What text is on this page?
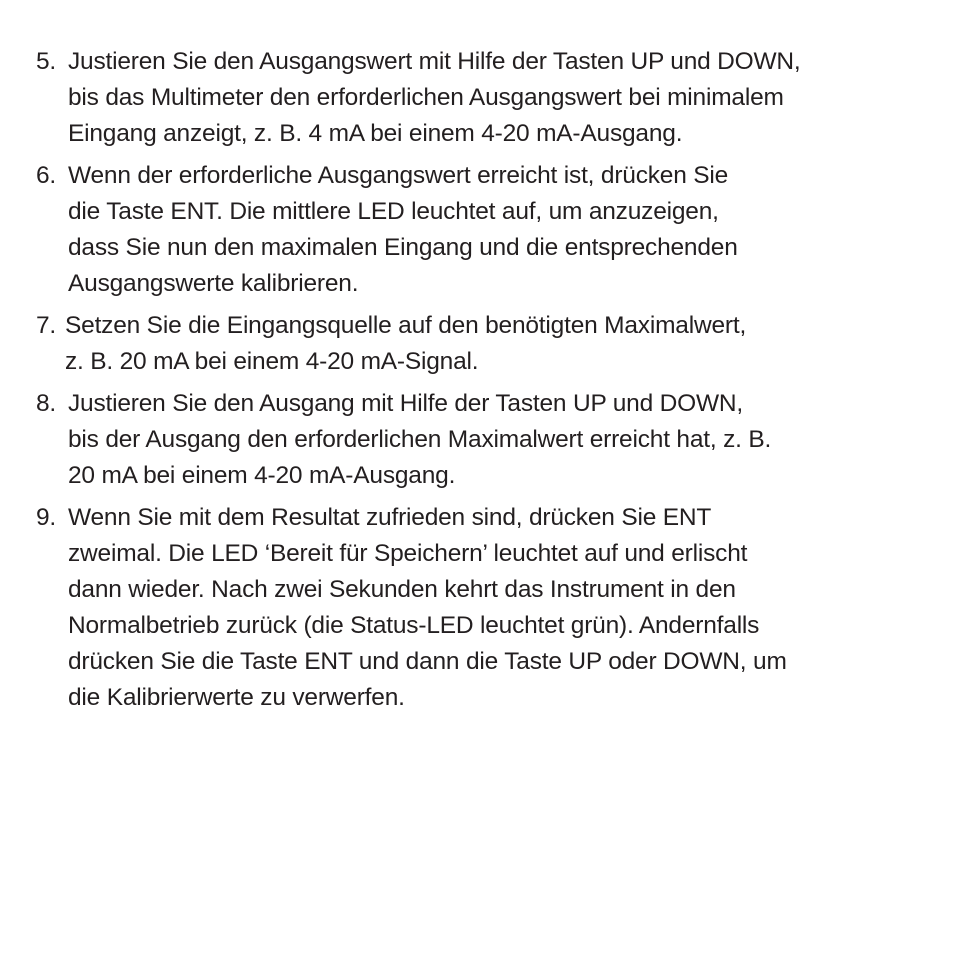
5. Justieren Sie den Ausgangswert mit Hilfe der Tasten UP und DOWN,
bis das Multimeter den erforderlichen Ausgangswert bei minimalem
Eingang anzeigt, z. B. 4 mA bei einem 4-20 mA-Ausgang.
6. Wenn der erforderliche Ausgangswert erreicht ist, drücken Sie
die Taste ENT. Die mittlere LED leuchtet auf, um anzuzeigen,
dass Sie nun den maximalen Eingang und die entsprechenden
Ausgangswerte kalibrieren.
7. Setzen Sie die Eingangsquelle auf den benötigten Maximalwert,
z. B. 20 mA bei einem 4-20 mA-Signal.
8. Justieren Sie den Ausgang mit Hilfe der Tasten UP und DOWN,
bis der Ausgang den erforderlichen Maximalwert erreicht hat, z. B.
20 mA bei einem 4-20 mA-Ausgang.
9. Wenn Sie mit dem Resultat zufrieden sind, drücken Sie ENT
zweimal. Die LED ‘Bereit für Speichern’ leuchtet auf und erlischt
dann wieder. Nach zwei Sekunden kehrt das Instrument in den
Normalbetrieb zurück (die Status-LED leuchtet grün). Andernfalls
drücken Sie die Taste ENT und dann die Taste UP oder DOWN, um
die Kalibrierwerte zu verwerfen.
